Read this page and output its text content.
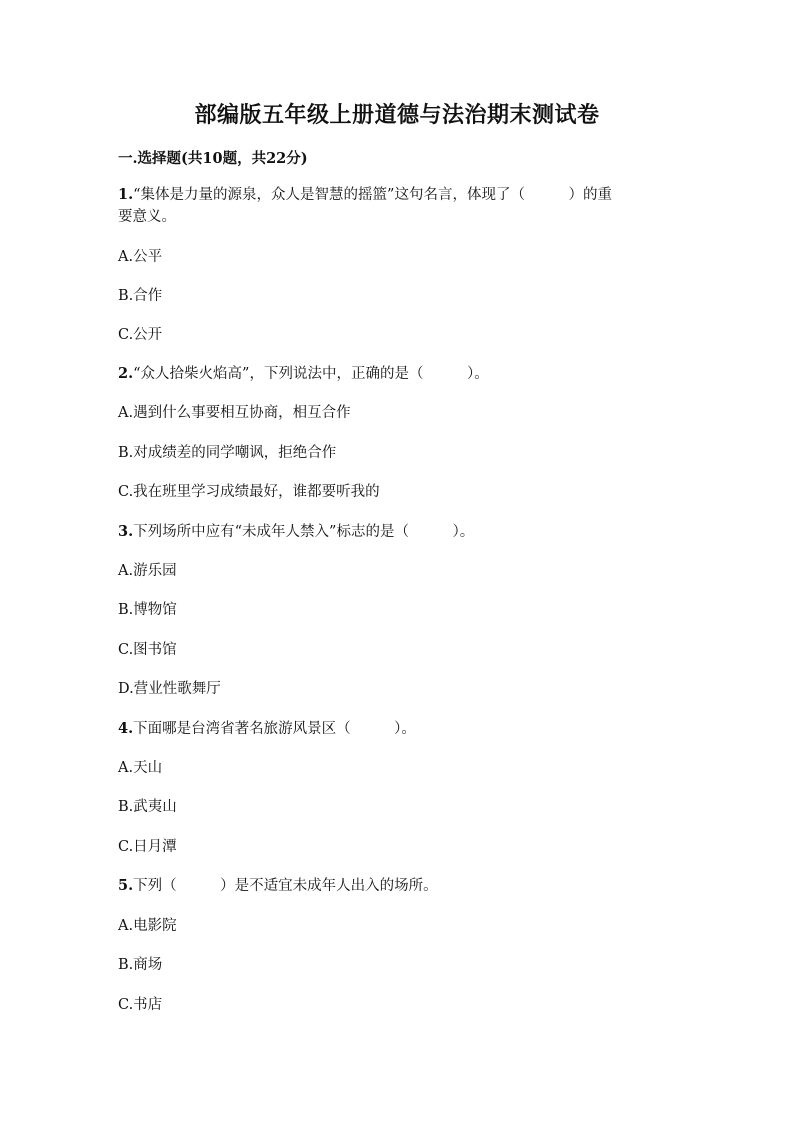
部编版五年级上册道德与法治期末测试卷
一.选择题(共10题，共22分)
1.“集体是力量的源泉，众人是智慧的摇篮”这句名言，体现了（　　　）的重
要意义。
A.公平
B.合作
C.公开
2.“众人拾柴火焰高”，下列说法中，正确的是（　　　）。
A.遇到什么事要相互协商，相互合作
B.对成绩差的同学嘲讽，拒绝合作
C.我在班里学习成绩最好，谁都要听我的
3.下列场所中应有“未成年人禁入”标志的是（　　　）。
A.游乐园
B.博物馆
C.图书馆
D.营业性歌舞厅
4.下面哪是台湾省著名旅游风景区（　　　）。
A.天山
B.武夷山
C.日月潭
5.下列（　　　）是不适宜未成年人出入的场所。
A.电影院
B.商场
C.书店
